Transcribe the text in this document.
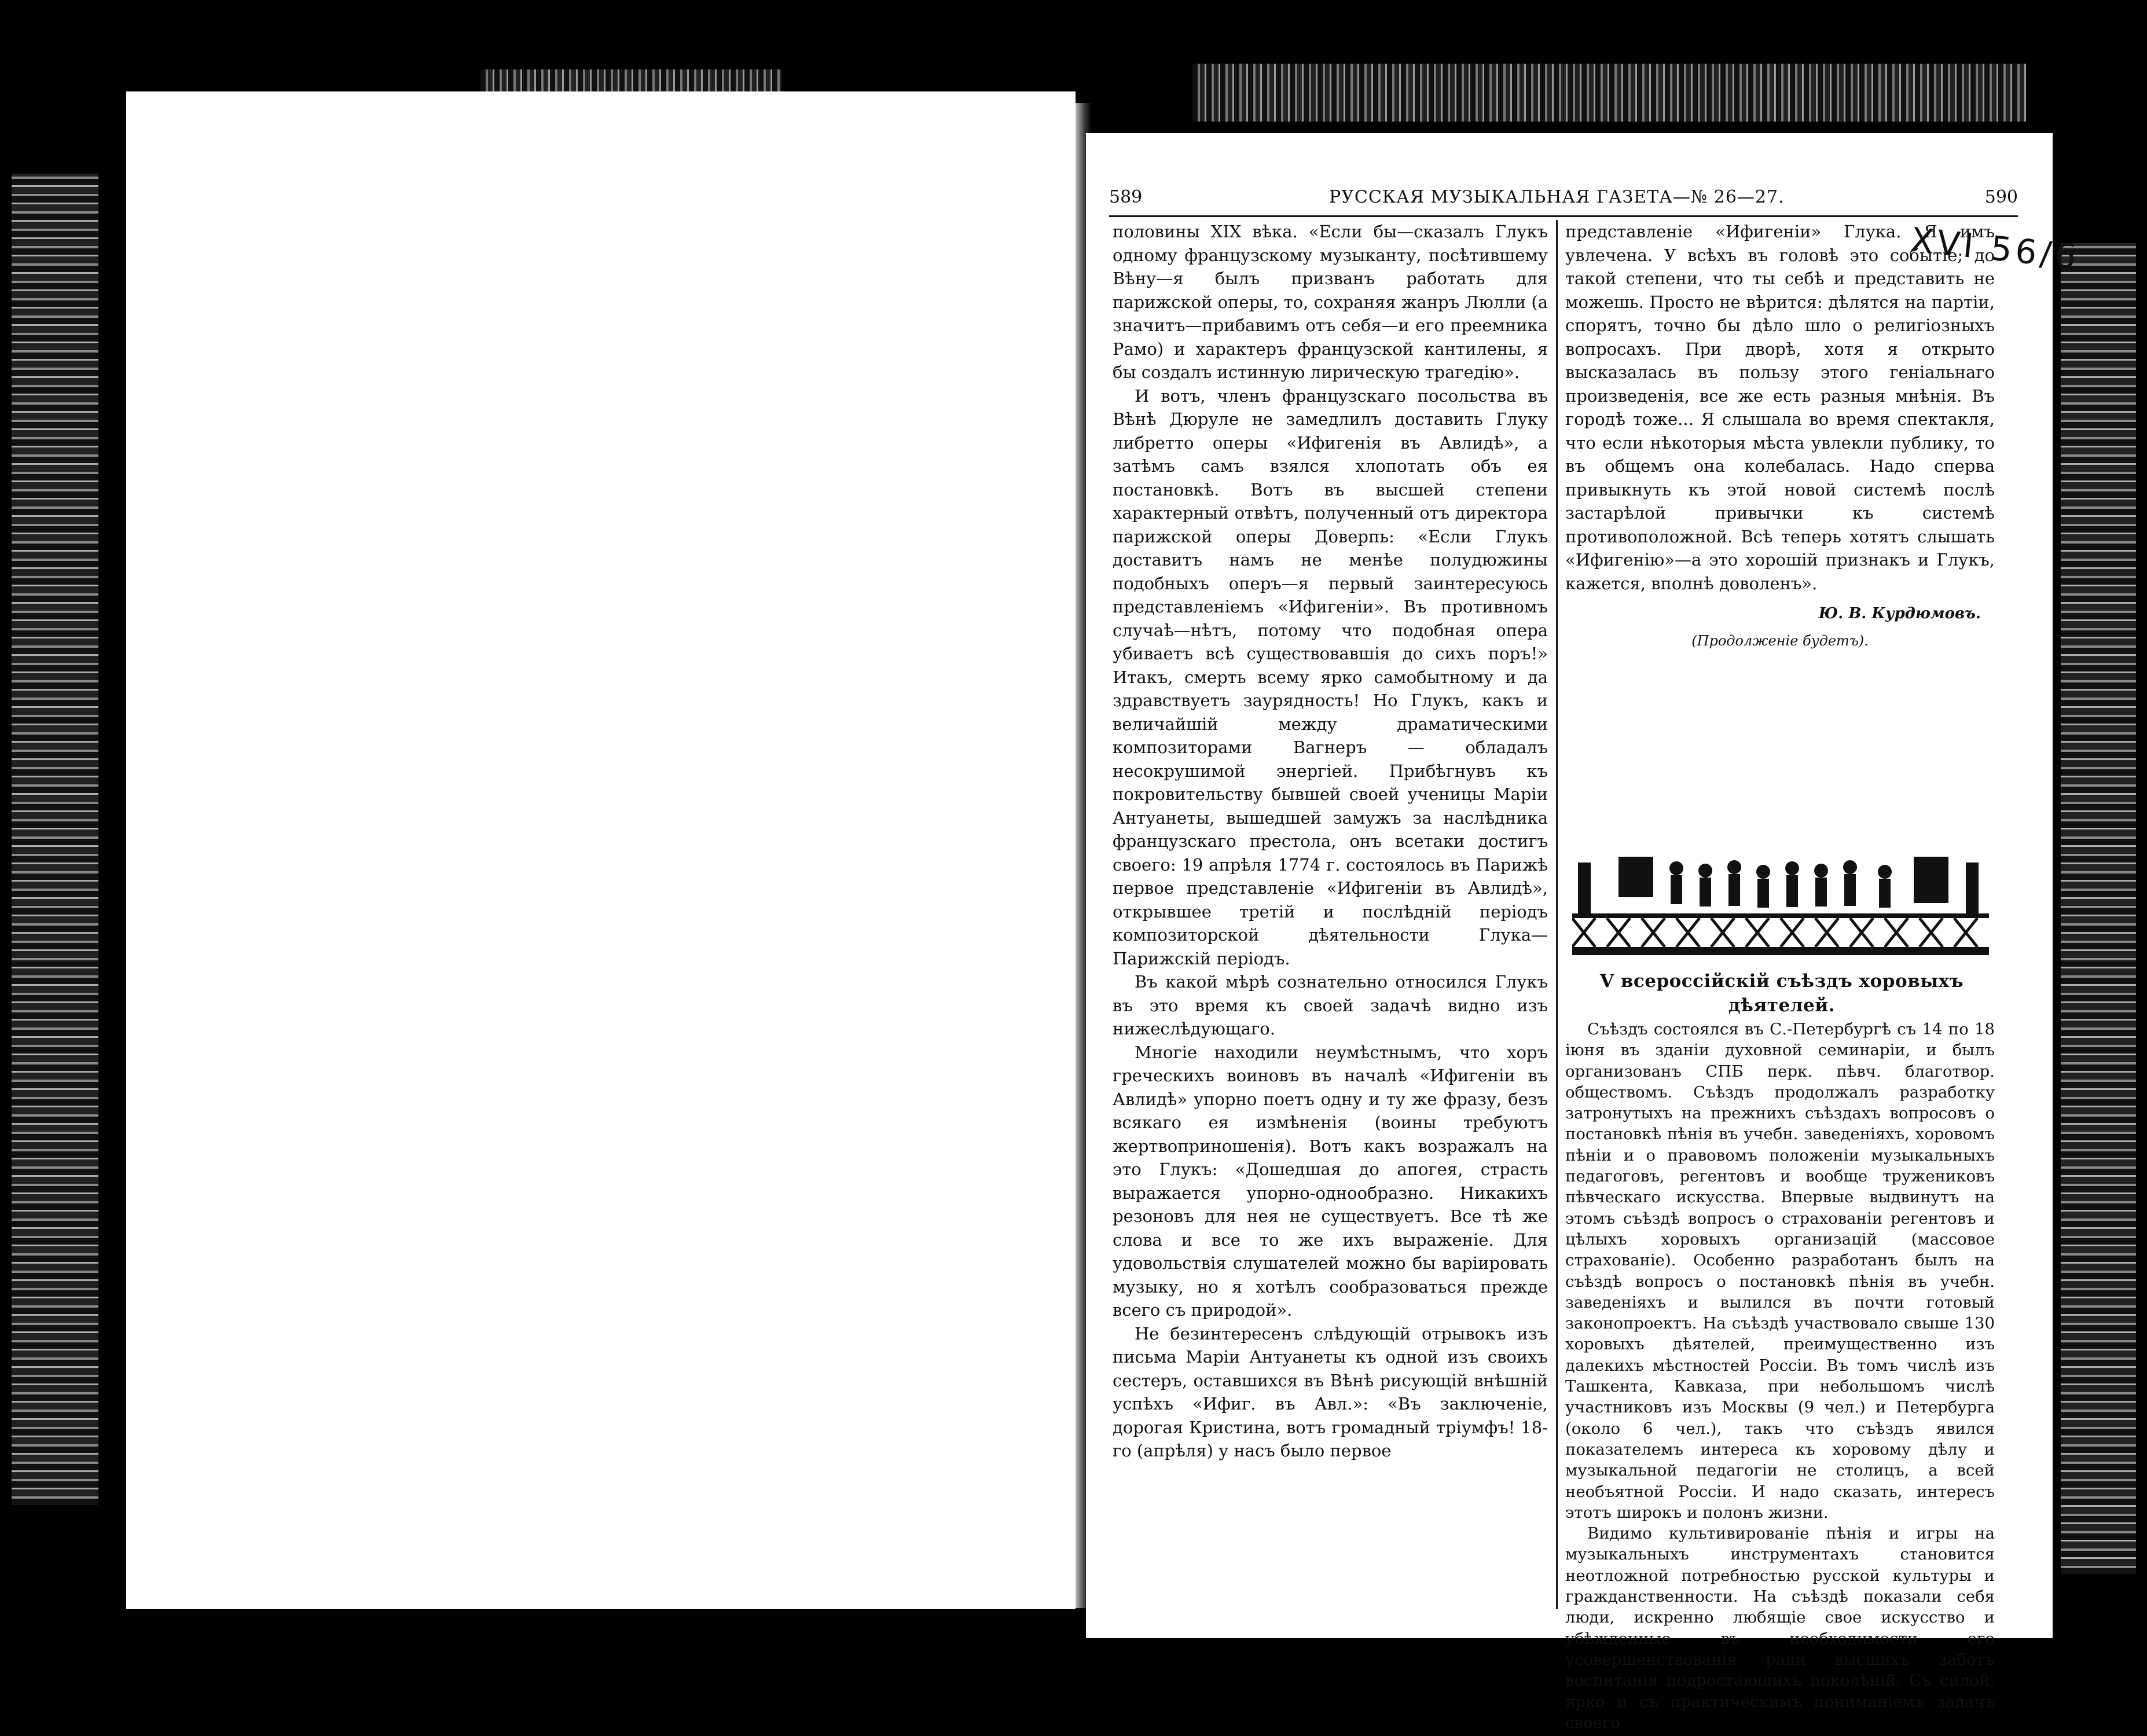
589	РУССКАЯ МУЗЫКАЛЬНАЯ ГАЗЕТА—№ 26—27.	590

половины XIX вѣка. «Если бы—сказалъ Глукъ одному французскому музыканту, посѣтившему Вѣну—я былъ призванъ работать для парижской оперы, то, сохраняя жанръ Люлли (а значитъ—прибавимъ отъ себя—и его преемника Рамо) и характеръ французской кантилены, я бы создалъ истинную лирическую трагедію».

И вотъ, членъ французскаго посольства въ Вѣнѣ Дюруле не замедлилъ доставить Глуку либретто оперы «Ифигенія въ Авлидѣ», а затѣмъ самъ взялся хлопотать объ ея постановкѣ. Вотъ въ высшей степени характерный отвѣтъ, полученный отъ директора парижской оперы Доверпь: «Если Глукъ доставитъ намъ не менѣе полудюжины подобныхъ оперъ—я первый заинтересуюсь представленіемъ «Ифигеніи». Въ противномъ случаѣ—нѣтъ, потому что подобная опера убиваетъ всѣ существовавшія до сихъ поръ!» Итакъ, смерть всему ярко самобытному и да здравствуетъ заурядность! Но Глукъ, какъ и величайшій между драматическими композиторами Вагнеръ — обладалъ несокрушимой энергіей. Прибѣгнувъ къ покровительству бывшей своей ученицы Маріи Антуанеты, вышедшей замужъ за наслѣдника французскаго престола, онъ всетаки достигъ своего: 19 апрѣля 1774 г. состоялось въ Парижѣ первое представленіе «Ифигеніи въ Авлидѣ», открывшее третій и послѣдній періодъ композиторской дѣятельности Глука—Парижскій періодъ.

Въ какой мѣрѣ сознательно относился Глукъ въ это время къ своей задачѣ видно изъ нижеслѣдующаго.

Многіе находили неумѣстнымъ, что хоръ греческихъ воиновъ въ началѣ «Ифигеніи въ Авлидѣ» упорно поетъ одну и ту же фразу, безъ всякаго ея измѣненія (воины требуютъ жертвоприношенія). Вотъ какъ возражалъ на это Глукъ: «Дошедшая до апогея, страсть выражается упорно-однообразно. Никакихъ резоновъ для нея не существуетъ. Все тѣ же слова и все то же ихъ выраженіе. Для удовольствія слушателей можно бы варіировать музыку, но я хотѣлъ сообразоваться прежде всего съ природой».

Не безинтересенъ слѣдующій отрывокъ изъ письма Маріи Антуанеты къ одной изъ своихъ сестеръ, оставшихся въ Вѣнѣ рисующій внѣшній успѣхъ «Ифиг. въ Авл.»: «Въ заключеніе, дорогая Кристина, вотъ громадный тріумфъ! 18-го (апрѣля) у насъ было первое

представленіе «Ифигеніи» Глука. Я имъ увлечена. У всѣхъ въ головѣ это событіе; до такой степени, что ты себѣ и представить не можешь. Просто не вѣрится: дѣлятся на партіи, спорятъ, точно бы дѣло шло о религіозныхъ вопросахъ. При дворѣ, хотя я открыто высказалась въ пользу этого геніальнаго произведенія, все же есть разныя мнѣнія. Въ городѣ тоже... Я слышала во время спектакля, что если нѣкоторыя мѣста увлекли публику, то въ общемъ она колебалась. Надо сперва привыкнуть къ этой новой системѣ послѣ застарѣлой привычки къ системѣ противоположной. Всѣ теперь хотятъ слышать «Ифигенію»—а это хорошій признакъ и Глукъ, кажется, вполнѣ доволенъ».

Ю. В. Курдюмовъ.
(Продолженіе будетъ).
V всероссійскій съѣздъ хоровыхъ дѣятелей.

Съѣздъ состоялся въ С.-Петербургѣ съ 14 по 18 іюня въ зданіи духовной семинаріи, и былъ организованъ СПБ перк. пѣвч. благотвор. обществомъ. Съѣздъ продолжалъ разработку затронутыхъ на прежнихъ съѣздахъ вопросовъ о постановкѣ пѣнія въ учебн. заведеніяхъ, хоровомъ пѣніи и о правовомъ положеніи музыкальныхъ педагоговъ, регентовъ и вообще тружениковъ пѣвческаго искусства. Впервые выдвинутъ на этомъ съѣздѣ вопросъ о страхованіи регентовъ и цѣлыхъ хоровыхъ организацій (массовое страхованіе). Особенно разработанъ былъ на съѣздѣ вопросъ о постановкѣ пѣнія въ учебн. заведеніяхъ и вылился въ почти готовый законопроектъ. На съѣздѣ участвовало свыше 130 хоровыхъ дѣятелей, преимущественно изъ далекихъ мѣстностей Россіи. Въ томъ числѣ изъ Ташкента, Кавказа, при небольшомъ числѣ участниковъ изъ Москвы (9 чел.) и Петербурга (около 6 чел.), такъ что съѣздъ явился показателемъ интереса къ хоровому дѣлу и музыкальной педагогіи не столицъ, а всей необъятной Россіи. И надо сказать, интересъ этотъ широкъ и полонъ жизни.

Видимо культивированіе пѣнія и игры на музыкальныхъ инструментахъ становится неотложной потребностью русской культуры и гражданственности. На съѣздѣ показали себя люди, искренно любящіе свое искусство и убѣжденные въ необходимости его усовершенствованія ради высшихъ заботъ воспитанія подростающихъ поколѣній. Съ силой, ярко и съ практическимъ пониманіемъ задачъ своего

XVI 56/6
